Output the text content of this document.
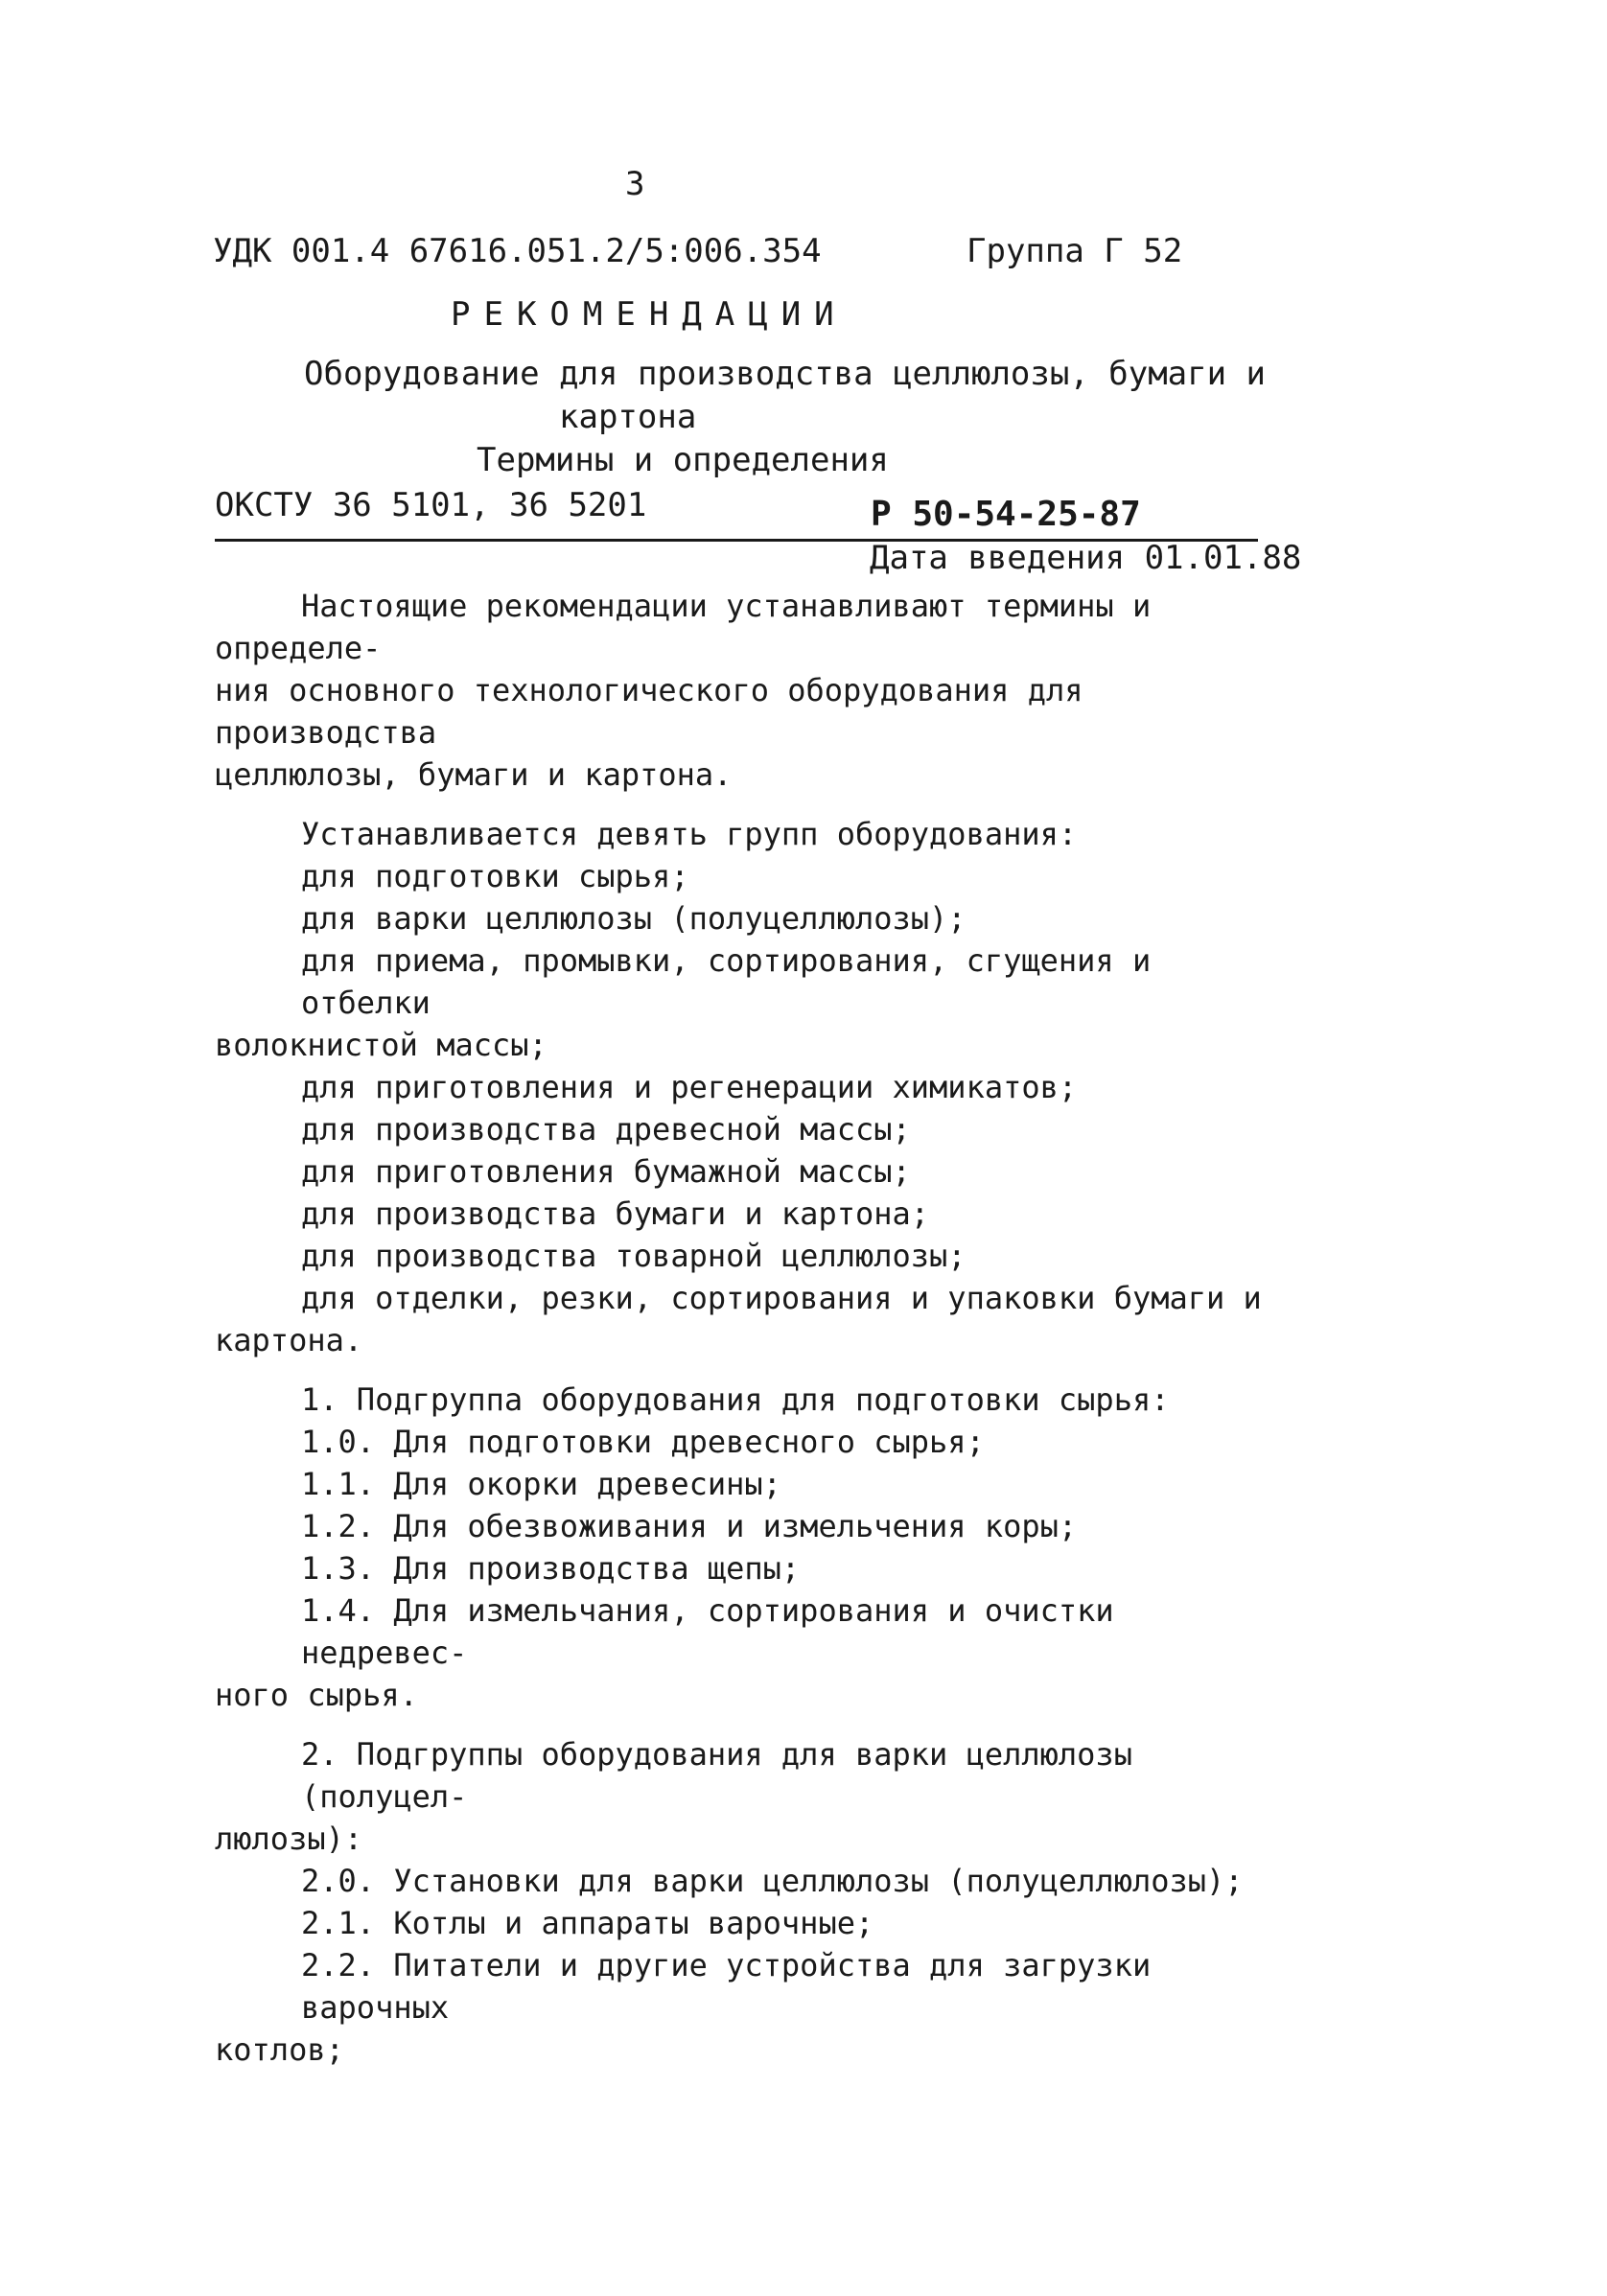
3
УДК 001.4 67616.051.2/5:006.354	Группа Г 52
РЕКОМЕНДАЦИИ
Оборудование для производства целлюлозы, бумаги и
картона
Термины и определения
ОКСТУ 36 5101, 36 5201	Р 50-54-25-87
Дата введения 01.01.88

Настоящие рекомендации устанавливают термины и определе-

ния основного технологического оборудования для производства

целлюлозы, бумаги и картона.

Устанавливается девять групп оборудования:

для подготовки сырья;

для варки целлюлозы (полуцеллюлозы);

для приема, промывки, сортирования, сгущения и отбелки

волокнистой массы;

для приготовления и регенерации химикатов;

для производства древесной массы;

для приготовления бумажной массы;

для производства бумаги и картона;

для производства товарной целлюлозы;

для отделки, резки, сортирования и упаковки бумаги и

картона.

1. Подгруппа оборудования для подготовки сырья:

1.0. Для подготовки древесного сырья;

1.1. Для окорки древесины;

1.2. Для обезвоживания и измельчения коры;

1.3. Для производства щепы;

1.4. Для измельчания, сортирования и очистки недревес-

ного сырья.

2. Подгруппы оборудования для варки целлюлозы (полуцел-

люлозы):

2.0. Установки для варки целлюлозы (полуцеллюлозы);

2.1. Котлы и аппараты варочные;

2.2. Питатели и другие устройства для загрузки варочных

котлов;
